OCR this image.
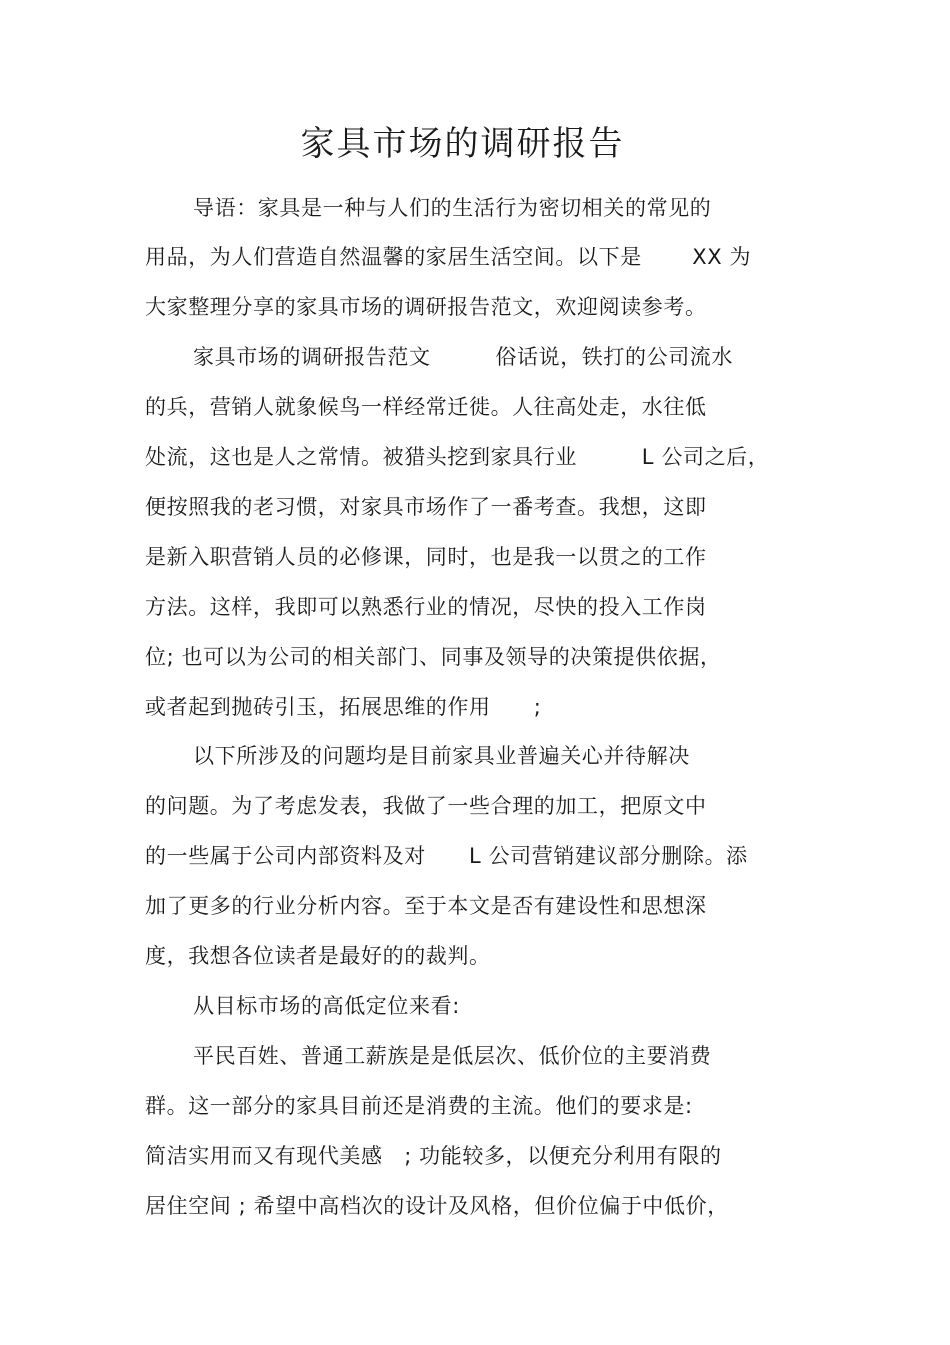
家具市场的调研报告

导语：家具是一种与人们的生活行为密切相关的常见的

用品，为人们营造自然温馨的家居生活空间。以下是　　 XX 为

大家整理分享的家具市场的调研报告范文，欢迎阅读参考。

家具市场的调研报告范文　　　俗话说，铁打的公司流水

的兵，营销人就象候鸟一样经常迁徙。人往高处走，水往低

处流，这也是人之常情。被猎头挖到家具行业　　　L 公司之后，

便按照我的老习惯，对家具市场作了一番考查。我想，这即

是新入职营销人员的必修课，同时，也是我一以贯之的工作

方法。这样，我即可以熟悉行业的情况，尽快的投入工作岗

位; 也可以为公司的相关部门、同事及领导的决策提供依据，

或者起到抛砖引玉，拓展思维的作用　　;

以下所涉及的问题均是目前家具业普遍关心并待解决

的问题。为了考虑发表，我做了一些合理的加工，把原文中

的一些属于公司内部资料及对　　L 公司营销建议部分删除。添

加了更多的行业分析内容。至于本文是否有建设性和思想深

度，我想各位读者是最好的的裁判。

从目标市场的高低定位来看:

平民百姓、普通工薪族是是低层次、低价位的主要消费

群。这一部分的家具目前还是消费的主流。他们的要求是:

简洁实用而又有现代美感　; 功能较多，以便充分利用有限的

居住空间 ; 希望中高档次的设计及风格，但价位偏于中低价，
